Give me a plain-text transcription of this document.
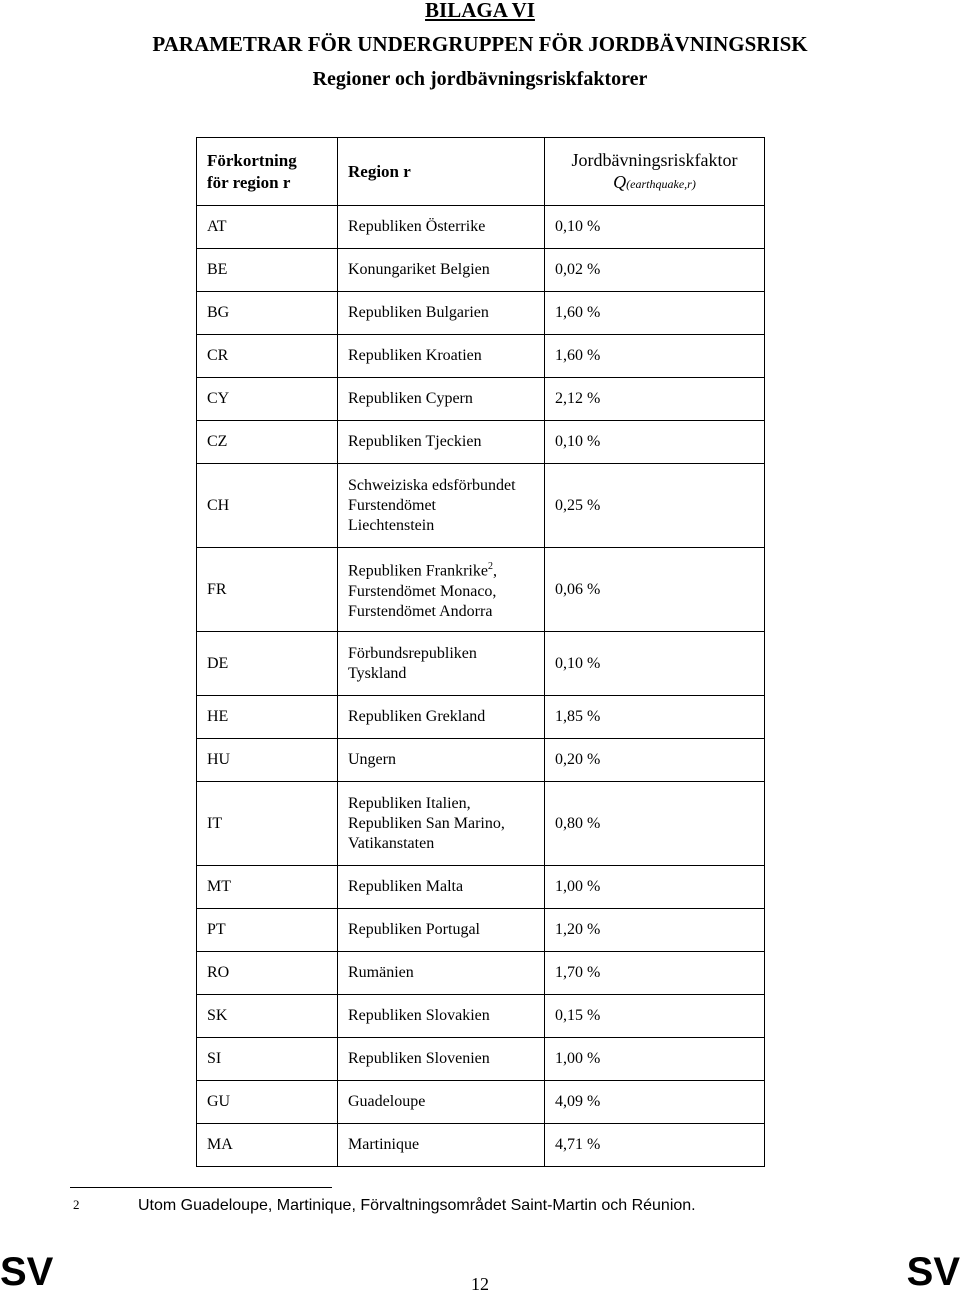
BILAGA VI
PARAMETRAR FÖR UNDERGRUPPEN FÖR JORDBÄVNINGSRISK
Regioner och jordbävningsriskfaktorer
Förkortning
för region r	Region r	Jordbävningsriskfaktor
Q(earthquake,r)
AT	Republiken Österrike	0,10 %
BE	Konungariket Belgien	0,02 %
BG	Republiken Bulgarien	1,60 %
CR	Republiken Kroatien	1,60 %
CY	Republiken Cypern	2,12 %
CZ	Republiken Tjeckien	0,10 %
CH	Schweiziska edsförbundet
Furstendömet
Liechtenstein	0,25 %
FR	Republiken Frankrike$^2$, Furstendömet Monaco, Furstendömet Andorra	0,06 %
DE	Förbundsrepubliken
Tyskland	0,10 %
HE	Republiken Grekland	1,85 %
HU	Ungern	0,20 %
IT	Republiken Italien, Republiken San Marino, Vatikanstaten	0,80 %
MT	Republiken Malta	1,00 %
PT	Republiken Portugal	1,20 %
RO	Rumänien	1,70 %
SK	Republiken Slovakien	0,15 %
SI	Republiken Slovenien	1,00 %
GU	Guadeloupe	4,09 %
MA	Martinique	4,71 %
2	Utom Guadeloupe, Martinique, Förvaltningsområdet Saint-Martin och Réunion.
SV	12	SV
